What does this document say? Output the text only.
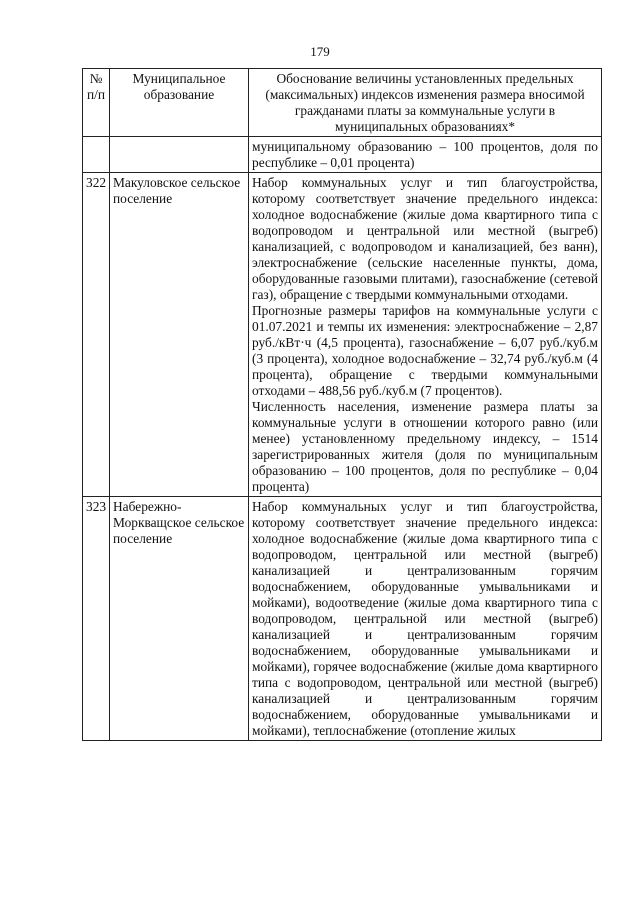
179
№ п/п	Муниципальное образование	Обоснование величины установленных предельных (максимальных) индексов изменения размера вносимой гражданами платы за коммунальные услуги в муниципальных образованиях*

		муниципальному образованию – 100 процентов, доля по республике – 0,01 процента)

322	Макуловское сельское поселение	Набор коммунальных услуг и тип благоустройства, которому соответствует значение предельного индекса: холодное водоснабжение (жилые дома квартирного типа с водопроводом и центральной или местной (выгреб) канализацией, с водопроводом и канализацией, без ванн), электроснабжение (сельские населенные пункты, дома, оборудованные газовыми плитами), газоснабжение (сетевой газ), обращение с твердыми коммунальными отходами.

Прогнозные размеры тарифов на коммунальные услуги с 01.07.2021 и темпы их изменения: электроснабжение – 2,87 руб./кВт·ч (4,5 процента), газоснабжение – 6,07 руб./куб.м (3 процента), холодное водоснабжение – 32,74 руб./куб.м (4 процента), обращение с твердыми коммунальными отходами – 488,56 руб./куб.м (7 процентов).

Численность населения, изменение размера платы за коммунальные услуги в отношении которого равно (или менее) установленному предельному индексу, – 1514 зарегистрированных жителя (доля по муниципальным образованию – 100 процентов, доля по республике – 0,04 процента)

323	Набережно-Моркващское сельское поселение	Набор коммунальных услуг и тип благоустройства, которому соответствует значение предельного индекса: холодное водоснабжение (жилые дома квартирного типа с водопроводом, центральной или местной (выгреб) канализацией и централизованным горячим водоснабжением, оборудованные умывальниками и мойками), водоотведение (жилые дома квартирного типа с водопроводом, центральной или местной (выгреб) канализацией и централизованным горячим водоснабжением, оборудованные умывальниками и мойками), горячее водоснабжение (жилые дома квартирного типа с водопроводом, центральной или местной (выгреб) канализацией и централизованным горячим водоснабжением, оборудованные умывальниками и мойками), теплоснабжение (отопление жилых
